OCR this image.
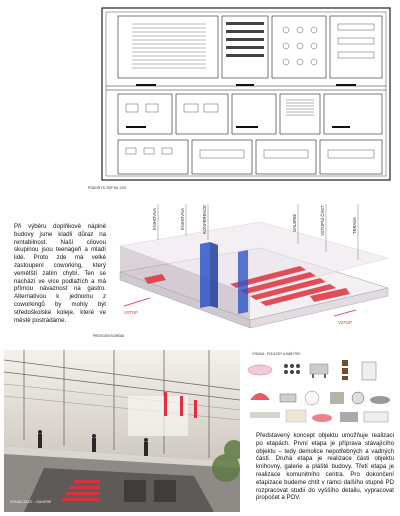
PŮDORYS 2NP M1:200

Při výběru doplňkové náplně budovy jsme kladli důraz na rentabilnost. Naší cílovou skupinou jsou teenageři a mladí lidé. Proto zde má velké zastoupení coworking, který vemětští zatím chybí. Ten se nachází ve více podlažích a má přímou návaznost na gastro. Alternativou k jednomu z coworkingů by mohly být středoškolské koleje, které ve městě postrádáme.

KNIHOVNA	KNIHOVNA	KONFERENCE	GALERIE	VSTUPNÍ ČÁST	TERASA
VSTUP
VSTUP
PROVOZNÍ SCHÉMA
VIZUALIZACE - GALERIE
VÝBAVA - POHLEDY A NÁBYTEK

Představený koncept objektu umožňuje realizaci po etapách. První etapa je příprava stávajícího objektu – tedy demolice nepotřebných a vadných částí. Druhá etapa je realizace části objektu knihovny, galerie a pláště budovy. Třetí etapa je realizace komunitního centra. Pro dokončení etapizace budeme chtít v rámci dalšího stupně PD rozpracovat studii do vyššího detailu, vypracovat propočet a POV.
